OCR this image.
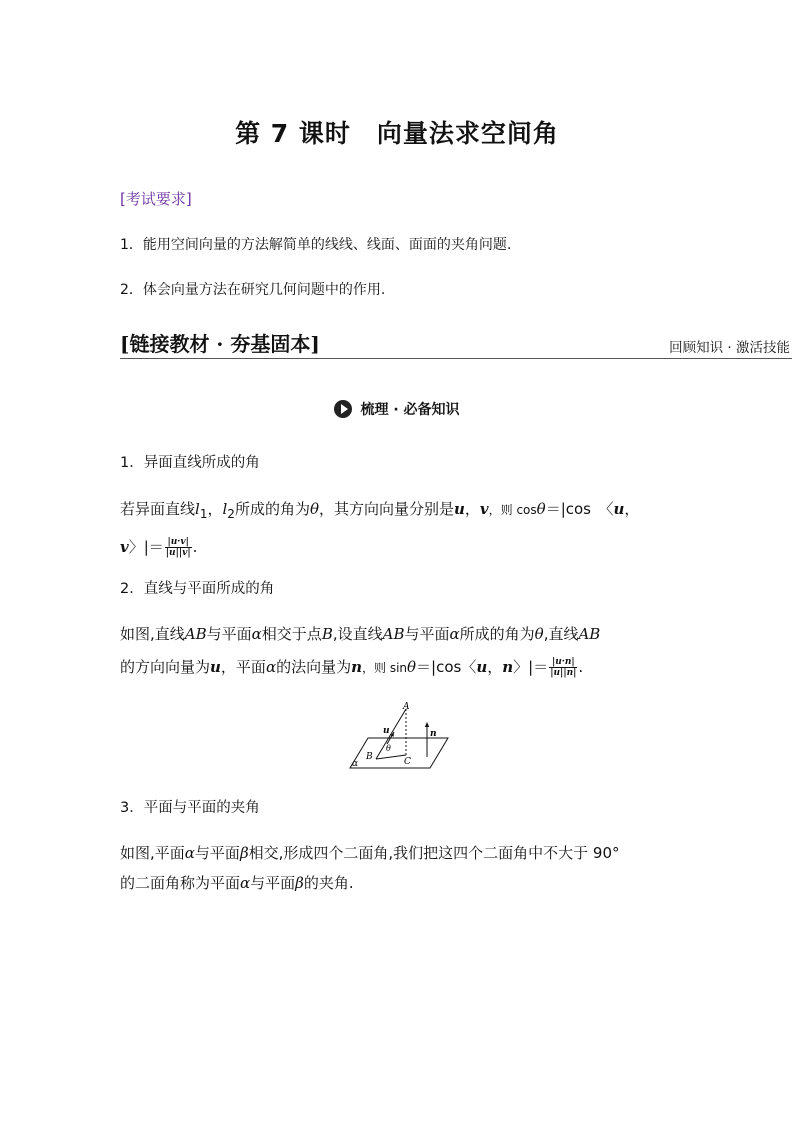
第 7 课时 向量法求空间角
[考试要求]
1．能用空间向量的方法解简单的线线、线面、面面的夹角问题.
2．体会向量方法在研究几何问题中的作用.
[链接教材 · 夯基固本]	回顾知识 · 激活技能
梳理 · 必备知识
1．异面直线所成的角
若异面直线$l_1$，$l_2$所成的角为θ，其方向向量分别是u，v，则 cosθ＝|cos　〈u，
v〉|＝ $\frac{|u\cdot v|}{|u||v|}$ .
2．直线与平面所成的角
如图,直线AB与平面α相交于点B,设直线AB与平面α所成的角为θ,直线AB
的方向向量为u，平面α的法向量为n，则 sinθ＝|cos〈u，n〉|＝ $\frac{|u\cdot n|}{|u||n|}$ .
A
B	C
u	n
θ
α
3．平面与平面的夹角
如图,平面α与平面β相交,形成四个二面角,我们把这四个二面角中不大于 90°
的二面角称为平面α与平面β的夹角.
